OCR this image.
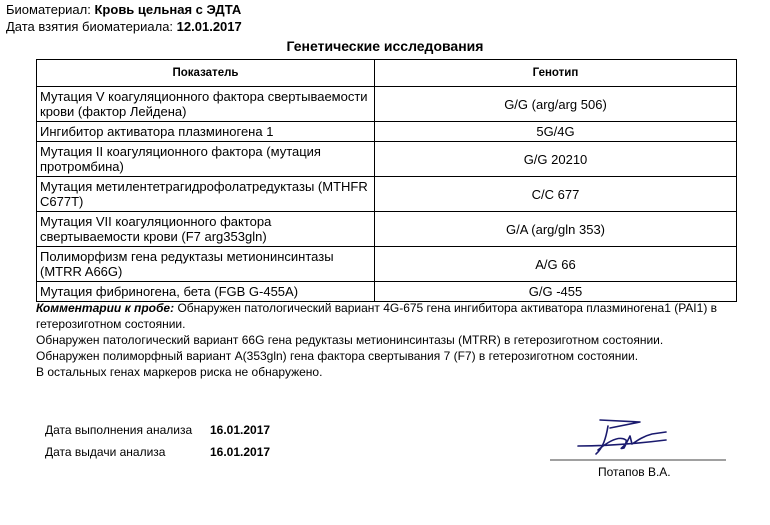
Биоматериал: Кровь цельная с ЭДТА
Дата взятия биоматериала: 12.01.2017
Генетические исследования
Показатель	Генотип
Мутация V коагуляционного фактора свертываемости крови (фактор Лейдена)	G/G (arg/arg 506)
Ингибитор активатора плазминогена 1	5G/4G
Мутация II коагуляционного фактора (мутация протромбина)	G/G 20210
Мутация метилентетрагидрофолатредуктазы (MTHFR C677T)	C/C 677
Мутация VII коагуляционного фактора свертываемости крови (F7 arg353gln)	G/A (arg/gln 353)
Полиморфизм гена редуктазы метионинсинтазы (MTRR A66G)	A/G 66
Мутация фибриногена, бета (FGB G-455A)	G/G -455

Комментарии к пробе: Обнаружен патологический вариант 4G-675 гена ингибитора активатора плазминогена1 (PAI1) в гетерозиготном состоянии.

Обнаружен патологический вариант 66G гена редуктазы метионинсинтазы (MTRR) в гетерозиготном состоянии.

Обнаружен полиморфный вариант A(353gln) гена фактора свертывания 7 (F7) в гетерозиготном состоянии.

В остальных генах маркеров риска не обнаружено.

Дата выполнения анализа 16.01.2017
Дата выдачи анализа	16.01.2017
Потапов В.А.
